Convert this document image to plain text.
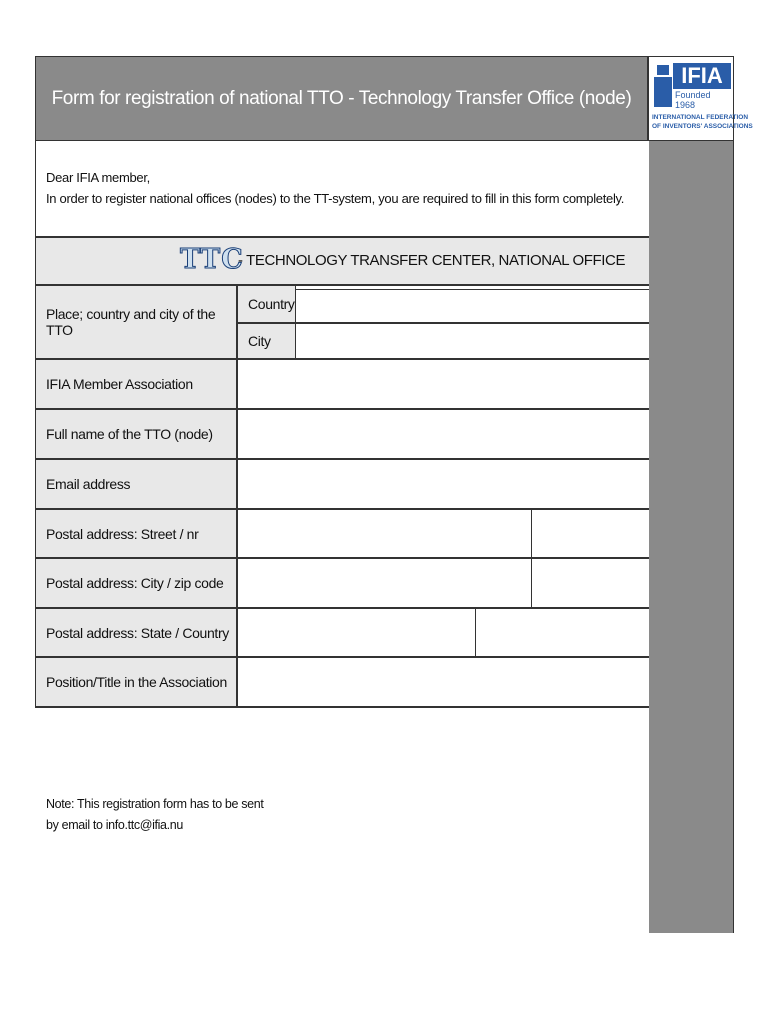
Form for registration of national TTO - Technology Transfer Office (node)
IFIA
Founded 1968
INTERNATIONAL FEDERATION
OF INVENTORS' ASSOCIATIONS
Dear IFIA member,
In order to register national offices (nodes) to the TT-system, you are required to fill in this form completely.
TTC
- TECHNOLOGY TRANSFER CENTER, NATIONAL OFFICE
Place; country and city of the TTO
Country
City
IFIA Member Association
Full name of the TTO (node)
Email address
Postal address: Street / nr
Postal address: City / zip code
Postal address: State / Country
Position/Title in the Association
Note: This registration form has to be sent
by email to info.ttc@ifia.nu
